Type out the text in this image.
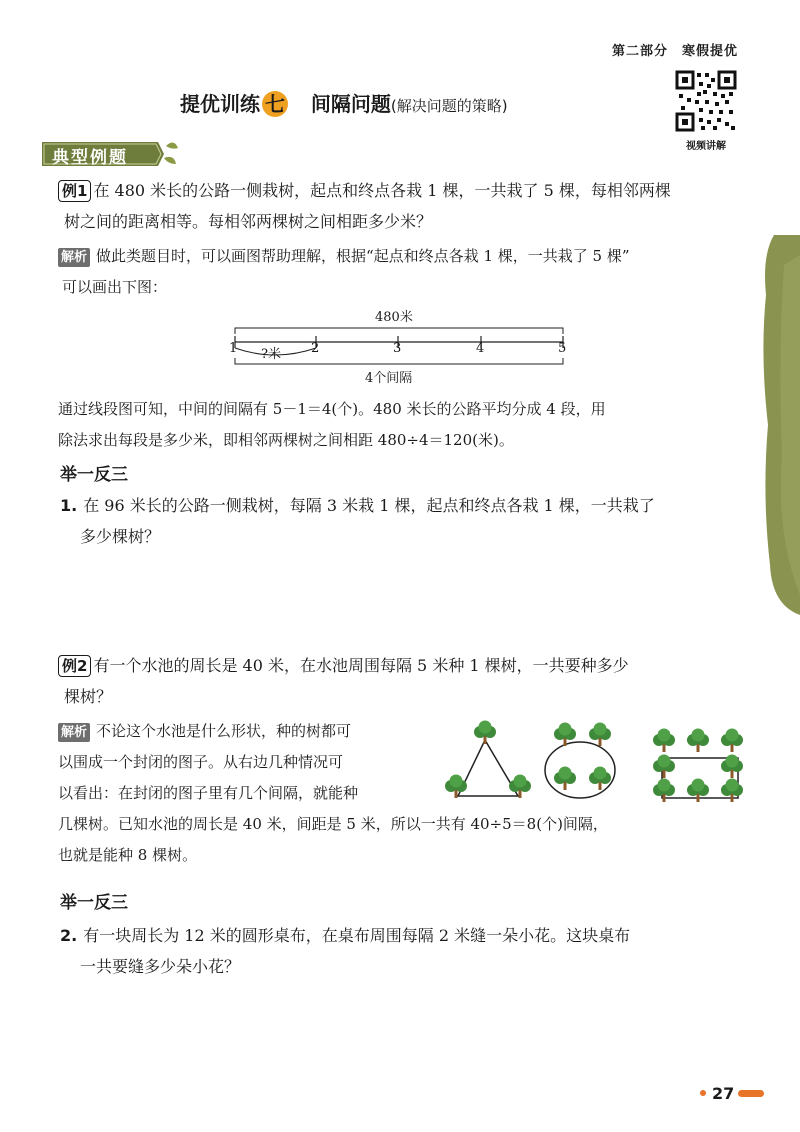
第二部分　寒假提优
视频讲解
提优训练 七 间隔问题(解决问题的策略)
典型例题
例1 在 480 米长的公路一侧栽树，起点和终点各栽 1 棵，一共栽了 5 棵，每相邻两棵
树之间的距离相等。每相邻两棵树之间相距多少米？
解析 做此类题目时，可以画图帮助理解，根据“起点和终点各栽 1 棵，一共栽了 5 棵”
可以画出下图：
480米
?米
1	2	3	4	5
4个间隔
通过线段图可知，中间的间隔有 5－1＝4(个)。480 米长的公路平均分成 4 段，用
除法求出每段是多少米，即相邻两棵树之间相距 480÷4＝120(米)。
举一反三
1. 在 96 米长的公路一侧栽树，每隔 3 米栽 1 棵，起点和终点各栽 1 棵，一共栽了
多少棵树？
例2 有一个水池的周长是 40 米，在水池周围每隔 5 米种 1 棵树，一共要种多少
棵树？
解析 不论这个水池是什么形状，种的树都可
以围成一个封闭的图子。从右边几种情况可
以看出：在封闭的图子里有几个间隔，就能种
几棵树。已知水池的周长是 40 米，间距是 5 米，所以一共有 40÷5＝8(个)间隔，
也就是能种 8 棵树。
举一反三
2. 有一块周长为 12 米的圆形桌布，在桌布周围每隔 2 米缝一朵小花。这块桌布
一共要缝多少朵小花？
27
